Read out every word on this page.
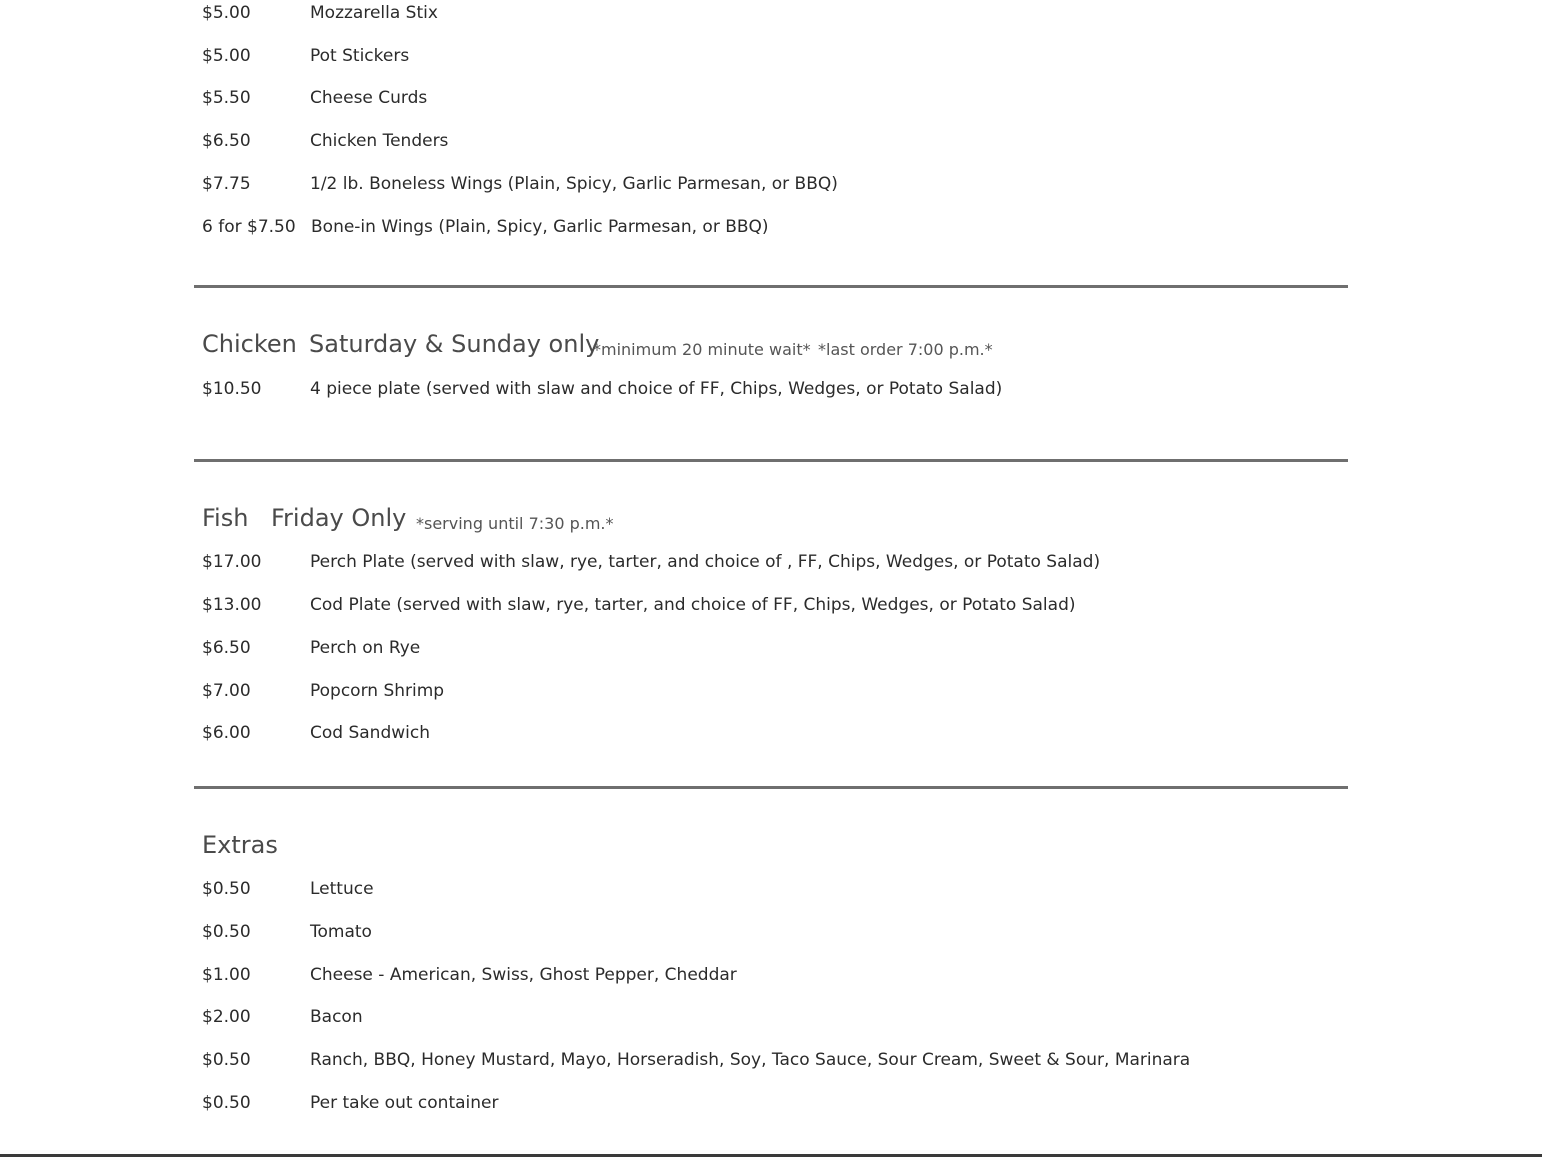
$5.00	Mozzarella Stix
$5.00	Pot Stickers
$5.50	Cheese Curds
$6.50	Chicken Tenders
$7.75	1/2 lb. Boneless Wings (Plain, Spicy, Garlic Parmesan, or BBQ)
6 for $7.50 Bone-in Wings (Plain, Spicy, Garlic Parmesan, or BBQ)
Chicken Saturday & Sunday only
*minimum 20 minute wait* *last order 7:00 p.m.*
$10.50	4 piece plate (served with slaw and choice of FF, Chips, Wedges, or Potato Salad)
Fish Friday Only *serving until 7:30 p.m.*
$17.00	Perch Plate (served with slaw, rye, tarter, and choice of , FF, Chips, Wedges, or Potato Salad)
$13.00	Cod Plate (served with slaw, rye, tarter, and choice of FF, Chips, Wedges, or Potato Salad)
$6.50	Perch on Rye
$7.00	Popcorn Shrimp
$6.00	Cod Sandwich
Extras
$0.50	Lettuce
$0.50	Tomato
$1.00	Cheese - American, Swiss, Ghost Pepper, Cheddar
$2.00	Bacon
$0.50	Ranch, BBQ, Honey Mustard, Mayo, Horseradish, Soy, Taco Sauce, Sour Cream, Sweet & Sour, Marinara
$0.50	Per take out container
